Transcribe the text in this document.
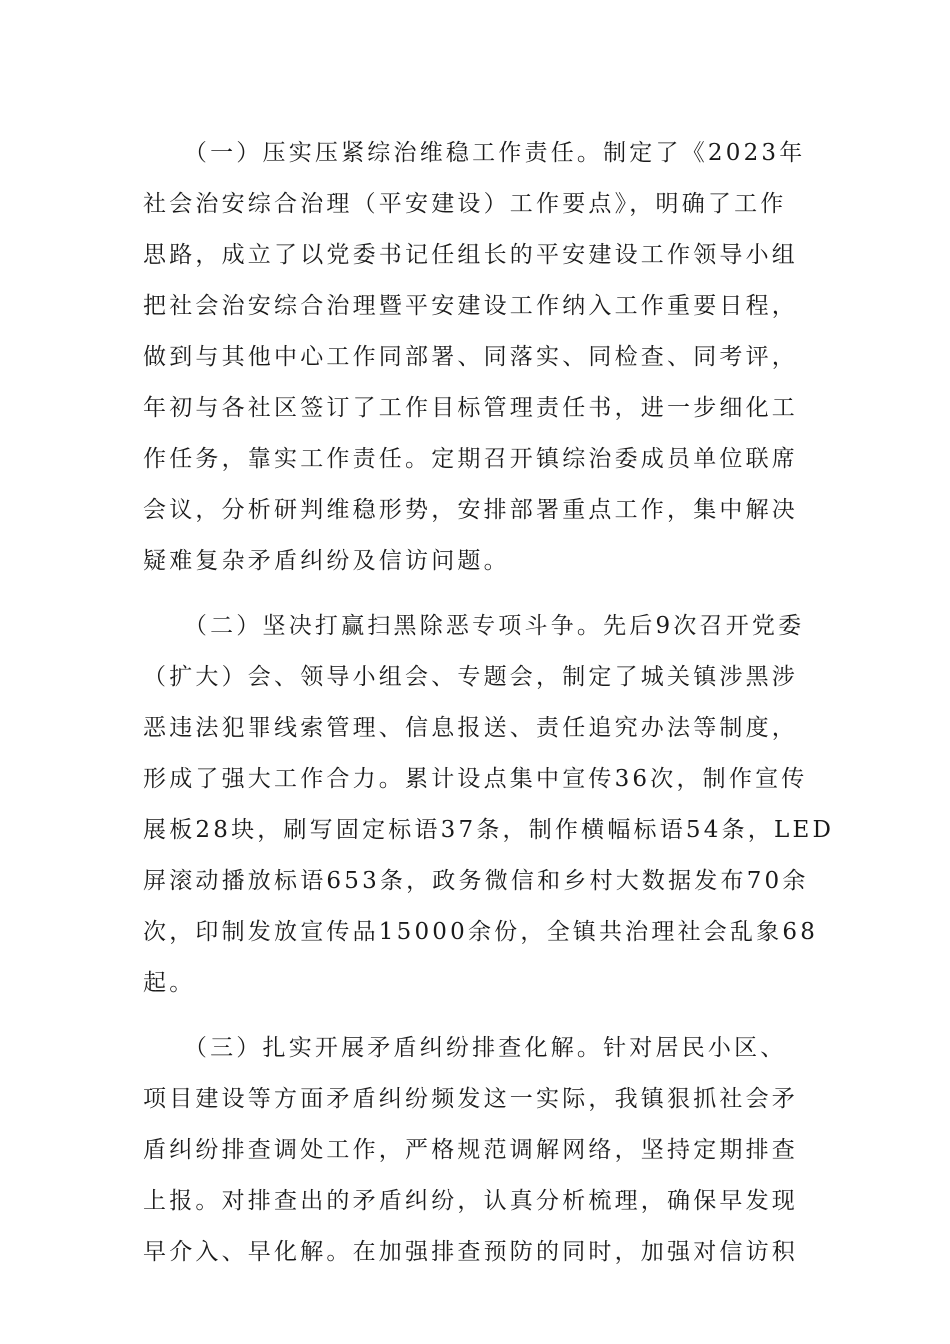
　　（一）压实压紧综治维稳工作责任。制定了《2023年
社会治安综合治理（平安建设）工作要点》，明确了工作
思路，成立了以党委书记任组长的平安建设工作领导小组
把社会治安综合治理暨平安建设工作纳入工作重要日程，
做到与其他中心工作同部署、同落实、同检查、同考评，
年初与各社区签订了工作目标管理责任书，进一步细化工
作任务，靠实工作责任。定期召开镇综治委成员单位联席
会议，分析研判维稳形势，安排部署重点工作，集中解决
疑难复杂矛盾纠纷及信访问题。
　　（二）坚决打赢扫黑除恶专项斗争。先后9次召开党委
（扩大）会、领导小组会、专题会，制定了城关镇涉黑涉
恶违法犯罪线索管理、信息报送、责任追究办法等制度，
形成了强大工作合力。累计设点集中宣传36次，制作宣传
展板28块，刷写固定标语37条，制作横幅标语54条，LED
屏滚动播放标语653条，政务微信和乡村大数据发布70余
次，印制发放宣传品15000余份，全镇共治理社会乱象68
起。
　　（三）扎实开展矛盾纠纷排查化解。针对居民小区、
项目建设等方面矛盾纠纷频发这一实际，我镇狠抓社会矛
盾纠纷排查调处工作，严格规范调解网络，坚持定期排查
上报。对排查出的矛盾纠纷，认真分析梳理，确保早发现
早介入、早化解。在加强排查预防的同时，加强对信访积
